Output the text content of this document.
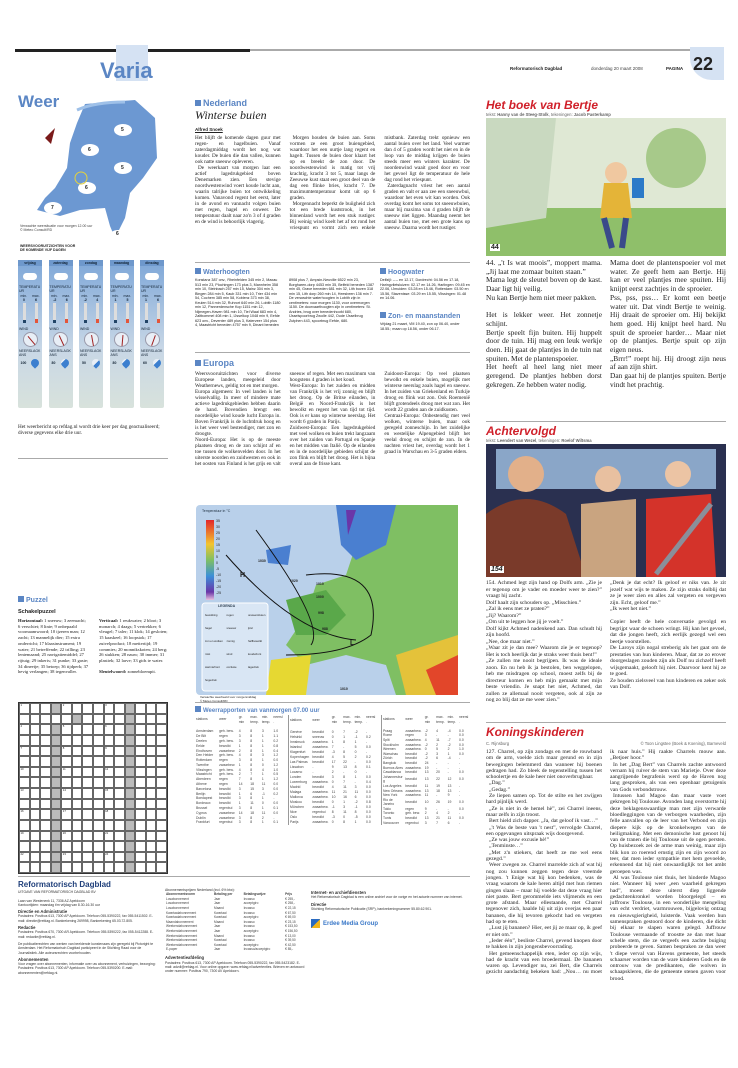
Varia	Reformatorisch Dagblad	donderdag 20 maart 2008	PAGINA 22
Weer
5
6
5
6
7
6
Verwachte weersituatie voor morgen 12.00 uur
© Meteo Consult/RD
WEERSVOORUITZICHTEN VOOR DE KOMENDE VIJF DAGEN
vrijdag
TEMPERATUUR
min. max.
0	6
WIND
NEERSLAGKANS
100
zaterdag
TEMPERATUUR
min. max.
-2	6
WIND
NEERSLAGKANS
80
zondag
TEMPERATUUR
min. max.
-2	4
WIND
NEERSLAGKANS
50
maandag
TEMPERATUUR
min. max.
1	5
WIND
NEERSLAGKANS
80
dinsdag
TEMPERATUUR
min. max.
1	6
WIND
NEERSLAGKANS
60
Het weerbericht op refdag.nl wordt drie keer per dag geactualiseerd; diverse gegevens elke drie uur.
Nederland
Winterse buien
Alfred Snoek

Het blijft de komende dagen guur met regen- en hagelbuien. Vanaf zaterdagmiddag wordt het nog wat kouder. De buien die dan vallen, kunnen ook natte sneeuw opleveren.

De weerkaart van morgen laat een actief lagedrukgebied boven Denemarken zien. Een stevige noordwestenwind voert koude lucht aan, waarin talrijke buien tot ontwikkeling komen. Vanavond regent het eerst, later in de avond en vannacht volgen buien met regen, hagel en onweer. De temperatuur daalt naar zo'n 3 of 4 graden en de wind is behoorlijk vlagerig.

Morgen houden de buien aan. Soms vormen ze een groot buiengebied, waardoor het een uurtje lang regent en hagelt. Tussen de buien door klaart het op en breekt de zon door. De noordwestenwind is matig tot vrij krachtig, kracht 3 tot 5, maar langs de Zeeuwse kust staat een groot deel van de dag een flinke bries, kracht 7. De maximumtemperatuur komt uit op 6 graden.

Morgennacht beperkt de buiigheid zich tot een brede kuststrook, in het binnenland wordt het een stuk rustiger. Bij weinig wind koelt het af tot rond het vriespunt en vormt zich een enkele mistbank. Zaterdag trekt opnieuw een aantal buien over het land. Veel warmer dan 4 of 5 graden wordt het niet en in de loop van de middag krijgen de buien steeds meer een winters karakter. De noordenwind waait goed door en voor het gevoel ligt de temperatuur de hele dag rond het vriespunt.

Zaterdagnacht vriest het een aantal graden en valt er aan zee een sneeuwbui, waardoor het even wit kan worden. Ook overdag komt het soms tot sneeuwbuien, maar bij maxima van 4 graden blijft de sneeuw niet liggen. Maandag neemt het aantal buien toe, met een grote kans op sneeuw. Daarna wordt het rustiger.

Waterhoogten
Konstanz 387 onv., Rheinfelden 345 min 2, Maxau 513 min 23, Plochingen 173 plus 3, Mannheim 358 min 10, Steinbach 257 min 15, Mainz 304 min 3, Bingen 284 min 5, Kaub 331 min 10, Trier 434 min 54, Cochem 385 min 58, Koblenz 373 min 38, Keulen 514 min 32, Ruhrort 640 min 26, Lobith 1180 min 12, Pannerdensche Kop 1151 min 12, Nijmegen-Haven 981 min 10, Tiel Waal 683 min 4, Zaltbommel 408 min 1, IJsselkop 1048 min 9, Eefde 623 onv., Deventer 489 plus 3, Katerveer 154 plus 4, Maastricht beneden 4757 min 9, Dinant beneden 8908 plus 7, Ampsin-Neuville 6522 min 23, Borgharen-dorp 4453 min 35, Belfeld beneden 1387 min 45, Grave beneden 681 min 32, Lith boven 318 min 15, Lith dorp 260 min 14, Heesbeen 136 min 7. De verwachte waterhoogten in Lobith zijn in centimeters: voor morgen 1130, voor overmorgen 1150. De doorvaarthoogten zijn in centimeters: St. Andries, brug over benedenhoofd 680, IJsselspoorbrug Zwolle 442, Oude IJsselbrug Zutphen 443, spoorbrug Eefde, 680.
Hoogwater
Delfzijl: –.– en 12.17, Dordrecht: 04.56 en 17.18, Haringvlietsluizen: 02.17 en 14.26, Harlingen: 09.45 en 22.06, IJmuiden: 03.28 en 15.46, Rotterdam: 03.50 en 15.56, Stavenisse: 03.29 en 15.55, Vlissingen: 01.48 en 14.06.
Zon- en maanstanden
Vrijdag 21 maart, VM 19.40, zon op 06.40, onder 18.55.; maan op 18.56, onder 06.17.
Europa

Weersvooruitzichten voor diverse Europese landen, meegeleid door Weathernews, geldig tot en met morgen.

Europa algemeen: In veel landen is het wisselvallig. In meer of mindere mate actieve lagedrukgebieden hebben daarin de hand. Bovendien brengt een noordelijke wind koude lucht Europa in. Boven Frankrijk is de luchtdruk hoog en is het weer veel bestendiger, met zon en droogte.

Noord-Europa: Het is op de meeste plaatsen droog en de zon schijnt af en toe tussen de wolkenvelden door. In het uiterste noorden en zuidwesten en ook in het oosten van Finland is het grijs en valt sneeuw of regen. Met een maximum van hoogstens 4 graden is het koud.

West-Europa: In het zuiden en midden van Frankrijk is het vrij zonnig en blijft het droog. Op de Britse eilanden, in België en Noord-Frankrijk is het bewolkt en regent het van tijd tot tijd. Ook is er kans op winterse neerslag. Het wordt 6 graden in Parijs.

Zuidwest-Europa: Een lagedrukgebied met veel wolken en buien trekt langzaam over het zuiden van Portugal en Spanje en het midden van Italië. Op de eilanden en in de noordelijke gebieden schijnt de zon flink en blijft het droog. Het is bijna overal aan de frisse kant.

Zuidoost-Europa: Op veel plaatsen bewolkt en enkele buien, mogelijk met winterse neerslag zoals hagel en sneeuw. In het zuiden van Griekenland en Turkije droog en flink wat zon. Ook Roemenië blijft grotendeels droog met wat zon. Het wordt 22 graden aan de zuidkusten.

Centraal-Europa: Onbestendig met veel wolken, winterse buien, maar ook geregeld zonneschijn. In het zuidelijke en westelijke Alpengebied blijft het veelal droog en schijnt de zon. In de nachten vriest het, overdag wordt het 1 graad in Warschau en 3-5 graden elders.

Temperatuur in °C
35
30
25
20
15
10
5
0
-5
-10
-15
-20
-25
1030
1020
1010
1000
998
988
1010
H
L
LEGENDA
bewolking	regen	onweersbuien
hagel	sneeuw	ijzel
zon en wolken zonnig	halfbewolkt
mist	wind	koudefront
warmtefront occlusie	lagedruk
hogedruk
Verwachte weerbeeld voor morgenmiddag
© Meteo Consult/RD
Weerrapporten van vanmorgen 07.00 uur
stations	weer	gr. min	max. temp.	min. temp.	neersl.

Amsterdam	geh. bew.	4	8	3	1.0
De Bilt	regen	3	8	1	1.1
Deelen	geh. bew.	3	8	1	0.2
Eelde	bewolkt	1	8	1	0.8
Eindhoven	zwaarbew.	2	8	1	0.4
Den Helder	geh. bew.	4	8	3	1.2
Rotterdam	regen	3	8	1	0.0
Twenthe	zwaarbew.	1	8	0	1.2
Vlissingen	geh. bew.	4	8	4	1.0
Maastricht	geh. bew.	2	7	1	0.5
Aberdeen	regen	7	8	1	1.2
Athene	regen	14	18	11	0.0
Barcelona	bewolkt	3	15	3	0.0
Berlijn	bewolkt	1	6	-1	0.2
Boedapest	bewolkt	3	8	1	-
Bordeaux	bewolkt	1	11	0	0.0
Brussel	regenbui	3	8	1	0.1
Cyprus	zwaarbew.	14	18	11	0.0
Dublin	zwaarbew.	3	8	2	-
Frankfurt	regenbui	3	8	1	0.1
stations	weer	gr. min	max. temp.	min. temp.	neersl.

Genève	bewolkt	0	7	-2	-
Helsinki	sneeuw	0	1	-1	0.2
Innsbruck	zwaarbew.	1	8	1	-
Istanbul	zwaarbew.	7	-	5	0.0
Klagenfurt	bewolkt	-3	8	0	-
Kopenhagen	bewolkt	4	5	2	0.2
Las Palmas	bewolkt	17	22	-	0.0
Lissabon	-	9	13	8	0.1
Locarno	-	2	-	0	-
Londen	bewolkt	3	8	1	0.0
Luxemburg	zwaarbew.	0	7	-	0.4
Madrid	bewolkt	4	11	3	0.0
Malaga	zwaarbew.	11	21	11	0.0
Mallorca	zwaarbew.	10	16	6	0.0
Moskou	bewolkt	0	1	-2	0.8
München	zwaarbew.	-1	3	-1	0.0
Nice	regenbui	8	11	8	0.0
Oslo	bewolkt	-3	0	-5	0.0
Parijs	zwaarbew.	0	8	1	0.0
stations	weer	gr. min	max. temp.	min. temp.	neersl.

Praag	zwaarbew.	-2	4	-4	0.0
Rome	regen	3	-	-	0.0
Split	zwaarbew.	4	11	-7	0.0
Stockholm	zwaarbew.	-2	2	-2	0.0
Weenen	zwaarbew.	0	5	2	1.0
Warschau	bewolkt	-2	3	1	0.0
Zürich	bewolkt	-2	6	-4	-
Bangkok	bewolkt	24	-	-	-
Buenos Aires	zwaarbew.	19	-	-	-
Casablanca	bewolkt	13	20	-	0.0
Johannesburg	bewolkt	13	22	12	0.0
Los Angeles	bewolkt	11	19	13	-
New Orleans	zwaarbew.	13	18	13	-
New York	zwaarbew.	11	-	9	-
Rio de Janeiro	bewolkt	10	26	19	0.0
Tokio	regen	9	-	-	0.0
Toronto	geh. bew.	2	4	2	-
Tunis	bewolkt	13	21	11	0.0
Vancouver	regenbui	3	7	6	-
Puzzel
Schakelpuzzel
Horizontaal: 1 sneeuw; 3 zeemacht; 6 verschiet; 8 linie; 9 onbepaald voornaamwoord; 10 ijzeren man; 12 zacht; 13 mannelijk dier; 15 extra onderricht; 17 blaasinstrument; 19 water; 21 betreffende; 22 trilling; 23 lentemaand; 25 navigatiemiddel; 27 rijtuig; 29 inkeris; 31 punke; 33 gaste; 34 dineetje; 35 betoep; 36 tijdperk; 37 hevig verlangen; 38 tegenvaller.
Verticaal: 1 reukwater; 2 bloot; 3 monarch; 4 daags; 5 vertrekker; 6 vleugel; 7 taler; 11 klok; 14 gesloten; 15 kaaskeel; 16 loopstok; 17 zuivelproduct; 18 mettertijd; 19 commies; 20 monnikskoten; 24 berg; 26 stukken; 28 nauw; 30 immer; 31 plastiek; 32 larve; 33 gids te water.

Sleutelwoord: zonnebloempit.
1	2	3
4	5	6
7	8	9
10	11	12
13	14	15
16	17	18
19	20	21
22	23	24
Reformatorisch Dagblad
UITGAVE VAN REFORMATORISCH DAGBLAD BV

Laan van Westenenk 11, 7336 AZ Apeldoorn
Kantoortijden: maandag t/m vrijdag van 8.30-16.30 uur
Directie en Administratie
Postadres: Postbus 613, 7300 AP Apeldoorn. Telefoon 055-5390222, fax 055-5411502. E-mail: directie@refdag.nl. Bankrekening 269998, Bankrekening 65.03.72.805.
Redactie
Postadres: Postbus 670, 7300 AR Apeldoorn. Telefoon 055-5390222, fax 055-5412288. E-mail: redactie@refdag.nl.
De publicatierechten van werken van beeldende kunstenaars zijn geregeld bij Pictoright te Amsterdam. Het Reformatorisch Dagblad participeert in de Stichting Raad voor de Journalistiek. Alle auteursrechten voorbehouden.
Abonnementen
Voor vragen over abonnementen, informatie over uw abonnement, verhuizingen, bezorging: Postadres: Postbus 613, 7300 AP Apeldoorn. Telefoon 055-5390200. E-mail: abonnementen@refdag.nl.
Abonnementsprijzen Nederland (incl. 6% btw):
Abonnementsvorm	Betaling per	Betalingswijze	Prijs
Losabonnement	Jaar	Incasso	€ 255,-
Losabonnement	Jaar	acceptgiro	€ 258,-
Losabonnement	Maand	Incasso	€ 22,15
Kwartaalabonnement	Kwartaal	Incasso	€ 67,50
Kwartaalabonnement	Kwartaal	acceptgiro	€ 69,00
Maandabonnement	Maand	Incasso	€ 23,15
Weekendabonnement	Jaar	Incasso	€ 153,50
Weekendabonnement	Jaar	acceptgiro	€ 156,50
Weekendabonnement	Maand	Incasso	€ 13,00
Weekendabonnement	Kwartaal	Incasso	€ 39,50
Weekendabonnement	Kwartaal	acceptgiro	€ 42,50
E-paper	Jaar	Incasso/acceptgiro	€ 85,-

Advertentieafdeling
Postadres: Postbus 613, 7300 AP Apeldoorn. Telefoon 055-5390222, fax 055-5423182. E-mail: advdl@refdag.nl. Voor online opgave: www.refdag.nl/advertenties. Brieven en antwoord onder nummer: Postbus 790, 7300 AV Apeldoorn.
Internet- en archiefdiensten
Het Reformatorisch Dagblad is een online archief voor de vorige en het actuele nummer van internet.
Directie
Stichting Reformatorische Publicatie (SRP), bankrekeningnummer 55.80.62.901.
Erdee Media Group
Het boek van Bertje
tekst: Hanny van de Steeg-Stolk, tekeningen: Jacob Pasterkamp
44

44. „'t Is wat moois”, moppert mama. „Jij laat me zomaar buiten staan.”

Mama legt de sleutel boven op de kast. Daar ligt hij veilig.

Nu kan Bertje hem niet meer pakken.

Het is lekker weer. Het zonnetje schijnt.

Bertje speelt fijn buiten. Hij huppelt door de tuin. Hij mag een leuk werkje doen. Hij gaat de plantjes in de tuin nat spuiten. Met de plantenspoeier.

Het heeft al heel lang niet meer geregend. De plantjes hebben dorst gekregen. Ze hebben water nodig.

Mama doet de plantenspoeier vol met water. Ze geeft hem aan Bertje. Hij kan er veel plantjes mee spuiten. Hij knijpt eerst zachtjes in de sproeier.

Pss, pss, pss… Er komt een beetje water uit. Dat vindt Bertje te weinig. Hij draait de sproeier om. Hij bekijkt hem goed. Hij knijpt heel hard. Nu spuit de sproeier harder… Maar niet op de plantjes. Bertje spuit op zijn eigen neus.

„Brrr!” roept hij. Hij droogt zijn neus af aan zijn shirt.

Dan gaat hij de plantjes spuiten. Bertje vindt het prachtig.

Achtervolgd
tekst: Leendert van Wezel, tekeningen: Roelof Wiltsma
154

154. Achmed legt zijn hand op Dolfs arm. „Zie je er tegenop om je vader en moeder weer te zien?” vraagt hij zacht.

Dolf haalt zijn schouders op. „Misschien.”

„Zal ik eens met ze praten?”

„Jij? Waarom?”

„Om uit te leggen hoe jij je voelt.”

Dolf kijkt Achmed nadenkend aan. Dan schudt hij zijn hoofd.

„Nee, doe maar niet.”

„Waar zit je dan mee? Waarom zie je er tegenop? Het is toch heerlijk dat je straks weer thuis bent!”

„Ze zullen me nooit begrijpen. Ik was de ideale zoon. En nu heb ik ja bestolen, ben weggelopen, heb me misdragen op school, moest zelfs bij de directeur komen en heb mijn gemaakt met mijn beste vriendin. Je snapt het niet, Achmed, dat zullen ze allemaal nooit vergeten, ook al zijn ze nog zo blij dat ze me weer zien.”

„Denk je dat echt? Ik geloof er niks van. Je zit jezelf wat wijs te maken. Ze zijn straks dolblij dat ze je weer zien en alles zal vergeten en vergeven zijn. Echt, geloof me.”

„Ik weet het niet.”

Copier heeft de hele conversatie gevolgd en begrijpt waar de schoen wringt. Hij kan het gevoel, dat die jongen heeft, zich eerlijk gezegd wel een beetje voorstellen.

De Laroys zijn nogal streberig als het gaat om de prestaties van hun kinderen. Maar, dat ze zo erover doorgeslagen zouden zijn als Dolf nu zichzelf heeft wijsgemaakt, gelooft hij niet. Daarvoor kent hij ze te goed.

Ze houden zielsveel van hun kinderen en zeker ook van Dolf.

Koningskinderen
C. Rijnsburg	© Toon Lingstee (Boek & Koening), Barneveld

127. Charrel, op zijn zondags en met de rouwband om de arm, voelde zich maar gerund en in zijn bewegingen belemmerd dan wanneer hij boenen gedragen had. Zo bleek de tegenstelling tussen het schoolertje en de kale heer niet onoverbrugbaar.

„Dag.”

„Gedag.”

Ze liepen samen op. Tot de stilte en het zwijgen hard pijnlijk werd.

„Ze is niet in de hemel hè”, zei Charrel ineens, maar zelfs in zijn troost.

Bert hield zich dapper. „Ja, dat geloof ik vast…”

„'t Was de beste van 't nest”, vervolgde Charrel, een opgevangen uitspraak wijs doorgevend.

„Ze was jouw excusie hè!”

„Tenminste…”

„Met z'n stiekers, dat heeft ze me wel eens gezegd.”

Weer zwegen ze. Charrel marrelde zich af wat hij nog zou kunnen zeggen tegen deze vreemde jongen. 't Enige wat hij kon bedenken, was de vraag waarom de kale heren altijd met hun riemen gingen slaan – maar hij voelde dat deze vraag hier niet paste. Bert gerommelde iets vlijmends en een grote afstand. Maar ellestaande, met Charrel tegenover zich, haalde hij uit zijn overjas een paar bananen, die hij tevoren gekocht had en vergeten had op te eten.

„Lust jij bananen? Hier, eet jij ze maar op, ik geef er niet om.”

„Ieder één”, besliste Charrel, gevend knopen door te hakken in zijn jongensbevoorrading.

Het gemeenschappelijk eten, ieder op zijn wijs, had de kracht van een broedermaal. De bananen waren op. Levendiger nu, zei Bert, die Charrels gezicht aandachtig bekeken had: „Nou… nu moet ik naar huis.” Hij raakte Charrels mouw aan. „Betjoer hoor.”

In het „Dag Bert” van Charrels zachte antwoord vernam hij ruiver de stem van Marietje. Over deze aangrijpende begrafenis werd op de Haven nog lang gesproken, als van een openbaar getuigenis van Gods verbondstrouw.

Intussen had Magoo dan maar vaste voet gekregen bij Toulouse. Avonden lang overstortte hij deze beklagenswaardige man met zijn verwarde bloedleggingen van de verborgen waarheden, zijn felle aanvallen op de leer van het Verbond en zijn diepere kijk op de kronkelwegen van de heiligmaking. Met een demonische lust genoot hij van de tranen die bij Toulouse uit de ogen persten. Op huisbezoek zei de arme man weinig, maar zijn blik kon zo roerend ernstig zijn en zijn woord zo teer, dat men ieder sympathie met hem gevoelde, erkennend dat hij niet onwaardiglijk tot het ambt geroepen was.

Al was Toulouse niet thuis, het hinderde Magoo niet. Wanneer hij weer „een waarheid gekregen had”, moest deze uiterst diep liggende gedachtenkronkel worden bloorgelegd – en juffrouw Toulouse, in een wonderlijke mengeling van echt verdriet, warmrouwen, bijgelovig ontzag en nieuwsgierigheid, luisterde. Vaak werden hun samenspraken gestoord door de kinderen, die dicht bij elkaar te slapen waren gelegd. Juffrouw Toulouse vermaande of troostte ze dan met haar schelle stem, die ze vergeefs een zachte buiging probeerde te geven. Samen bespraken ze dan weer 't diepe verval van Havens gemeente, het steeds schaarser worden van de ware kinderen Gods en de ontrouw van de predikanten, die wolven in schaapskleren, die de gemeente stenen gaven voor brood.
